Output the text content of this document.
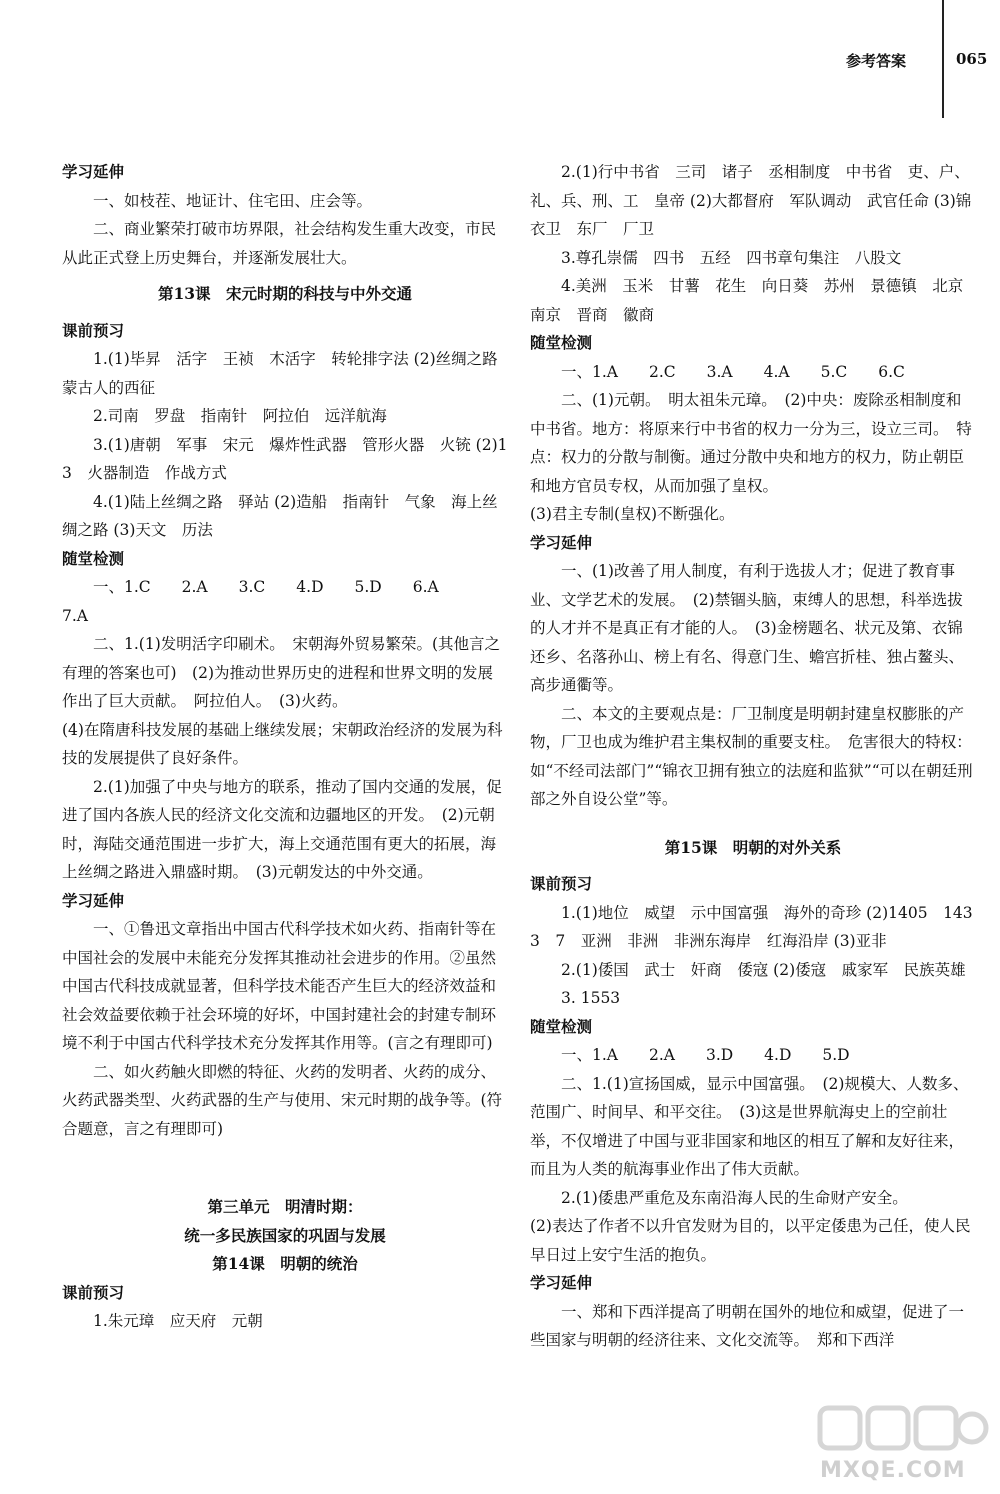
参考答案	065

学习延伸

一、如枝茬、地证计、住宅田、庄会等。

二、商业繁荣打破市坊界限，社会结构发生重大改变，市民从此正式登上历史舞台，并逐渐发展壮大。

第13课　宋元时期的科技与中外交通

课前预习

1.(1)毕昇　活字　王祯　木活字　转轮排字法 (2)丝绸之路　蒙古人的西征

2.司南　罗盘　指南针　阿拉伯　远洋航海

3.(1)唐朝　军事　宋元　爆炸性武器　管形火器　火铳 (2)13　火器制造　作战方式

4.(1)陆上丝绸之路　驿站 (2)造船　指南针　气象　海上丝绸之路 (3)天文　历法

随堂检测

一、1.C　　2.A　　3.C　　4.D　　5.D　　6.A

7.A

二、1.(1)发明活字印刷术。　宋朝海外贸易繁荣。(其他言之有理的答案也可)　(2)为推动世界历史的进程和世界文明的发展作出了巨大贡献。　阿拉伯人。　(3)火药。

(4)在隋唐科技发展的基础上继续发展；宋朝政治经济的发展为科技的发展提供了良好条件。

2.(1)加强了中央与地方的联系，推动了国内交通的发展，促进了国内各族人民的经济文化交流和边疆地区的开发。　(2)元朝时，海陆交通范围进一步扩大，海上交通范围有更大的拓展，海上丝绸之路进入鼎盛时期。　(3)元朝发达的中外交通。

学习延伸

一、①鲁迅文章指出中国古代科学技术如火药、指南针等在中国社会的发展中未能充分发挥其推动社会进步的作用。②虽然中国古代科技成就显著，但科学技术能否产生巨大的经济效益和社会效益要依赖于社会环境的好坏，中国封建社会的封建专制环境不利于中国古代科学技术充分发挥其作用等。(言之有理即可)

二、如火药触火即燃的特征、火药的发明者、火药的成分、火药武器类型、火药武器的生产与使用、宋元时期的战争等。(符合题意，言之有理即可)

第三单元　明清时期：

统一多民族国家的巩固与发展

第14课　明朝的统治

课前预习

1.朱元璋　应天府　元朝

2.(1)行中书省　三司　诸子　丞相制度　中书省　吏、户、礼、兵、刑、工　皇帝 (2)大都督府　军队调动　武官任命 (3)锦衣卫　东厂　厂卫

3.尊孔崇儒　四书　五经　四书章句集注　八股文

4.美洲　玉米　甘薯　花生　向日葵　苏州　景德镇　北京　南京　晋商　徽商

随堂检测

一、1.A　　2.C　　3.A　　4.A　　5.C　　6.C

二、(1)元朝。　明太祖朱元璋。　(2)中央：废除丞相制度和中书省。地方：将原来行中书省的权力一分为三，设立三司。　特点：权力的分散与制衡。通过分散中央和地方的权力，防止朝臣和地方官员专权，从而加强了皇权。

(3)君主专制(皇权)不断强化。

学习延伸

一、(1)改善了用人制度，有利于选拔人才；促进了教育事业、文学艺术的发展。　(2)禁锢头脑，束缚人的思想，科举选拔的人才并不是真正有才能的人。　(3)金榜题名、状元及第、衣锦还乡、名落孙山、榜上有名、得意门生、蟾宫折桂、独占鳌头、高步通衢等。

二、本文的主要观点是：厂卫制度是明朝封建皇权膨胀的产物，厂卫也成为维护君主集权制的重要支柱。　危害很大的特权：如“不经司法部门”“锦衣卫拥有独立的法庭和监狱”“可以在朝廷刑部之外自设公堂”等。

第15课　明朝的对外关系

课前预习

1.(1)地位　威望　示中国富强　海外的奇珍 (2)1405　1433　7　亚洲　非洲　非洲东海岸　红海沿岸 (3)亚非

2.(1)倭国　武士　奸商　倭寇 (2)倭寇　戚家军　民族英雄

3. 1553

随堂检测

一、1.A　　2.A　　3.D　　4.D　　5.D

二、1.(1)宣扬国威，显示中国富强。　(2)规模大、人数多、范围广、时间早、和平交往。　(3)这是世界航海史上的空前壮举，不仅增进了中国与亚非国家和地区的相互了解和友好往来，而且为人类的航海事业作出了伟大贡献。

2.(1)倭患严重危及东南沿海人民的生命财产安全。

(2)表达了作者不以升官发财为目的，以平定倭患为己任，使人民早日过上安宁生活的抱负。

学习延伸

一、郑和下西洋提高了明朝在国外的地位和威望，促进了一些国家与明朝的经济往来、文化交流等。　郑和下西洋

MXQE.COM
